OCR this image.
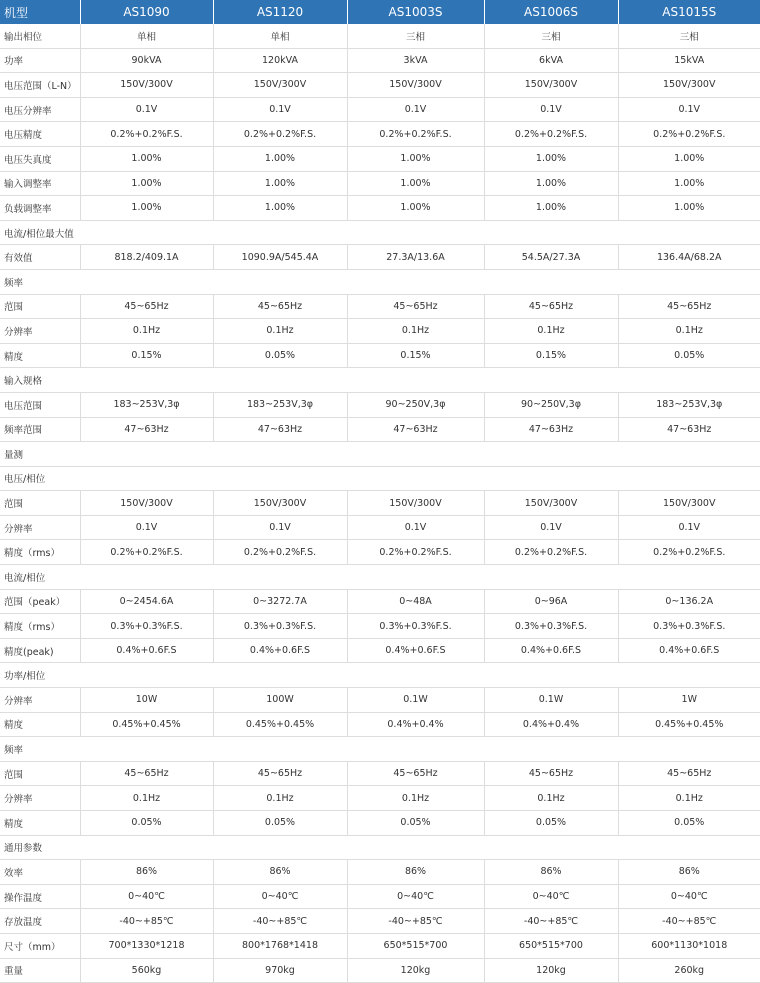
机型	AS1090	AS1120	AS1003S	AS1006S	AS1015S
输出相位	单相	单相	三相	三相	三相
功率	90kVA	120kVA	3kVA	6kVA	15kVA
电压范围（L-N）	150V/300V	150V/300V	150V/300V	150V/300V	150V/300V
电压分辨率	0.1V	0.1V	0.1V	0.1V	0.1V
电压精度	0.2%+0.2%F.S.	0.2%+0.2%F.S.	0.2%+0.2%F.S.	0.2%+0.2%F.S.	0.2%+0.2%F.S.
电压失真度	1.00%	1.00%	1.00%	1.00%	1.00%
输入调整率	1.00%	1.00%	1.00%	1.00%	1.00%
负载调整率	1.00%	1.00%	1.00%	1.00%	1.00%
电流/相位最大值					
有效值	818.2/409.1A	1090.9A/545.4A	27.3A/13.6A	54.5A/27.3A	136.4A/68.2A
频率					
范围	45~65Hz	45~65Hz	45~65Hz	45~65Hz	45~65Hz
分辨率	0.1Hz	0.1Hz	0.1Hz	0.1Hz	0.1Hz
精度	0.15%	0.05%	0.15%	0.15%	0.05%
输入规格					
电压范围	183~253V,3φ	183~253V,3φ	90~250V,3φ	90~250V,3φ	183~253V,3φ
频率范围	47~63Hz	47~63Hz	47~63Hz	47~63Hz	47~63Hz
量测					
电压/相位					
范围	150V/300V	150V/300V	150V/300V	150V/300V	150V/300V
分辨率	0.1V	0.1V	0.1V	0.1V	0.1V
精度（rms）	0.2%+0.2%F.S.	0.2%+0.2%F.S.	0.2%+0.2%F.S.	0.2%+0.2%F.S.	0.2%+0.2%F.S.
电流/相位					
范围（peak）	0~2454.6A	0~3272.7A	0~48A	0~96A	0~136.2A
精度（rms）	0.3%+0.3%F.S.	0.3%+0.3%F.S.	0.3%+0.3%F.S.	0.3%+0.3%F.S.	0.3%+0.3%F.S.
精度(peak)	0.4%+0.6F.S	0.4%+0.6F.S	0.4%+0.6F.S	0.4%+0.6F.S	0.4%+0.6F.S
功率/相位					
分辨率	10W	100W	0.1W	0.1W	1W
精度	0.45%+0.45%	0.45%+0.45%	0.4%+0.4%	0.4%+0.4%	0.45%+0.45%
频率					
范围	45~65Hz	45~65Hz	45~65Hz	45~65Hz	45~65Hz
分辨率	0.1Hz	0.1Hz	0.1Hz	0.1Hz	0.1Hz
精度	0.05%	0.05%	0.05%	0.05%	0.05%
通用参数					
效率	86%	86%	86%	86%	86%
操作温度	0~40℃	0~40℃	0~40℃	0~40℃	0~40℃
存放温度	-40~+85℃	-40~+85℃	-40~+85℃	-40~+85℃	-40~+85℃
尺寸（mm）	700*1330*1218	800*1768*1418	650*515*700	650*515*700	600*1130*1018
重量	560kg	970kg	120kg	120kg	260kg
